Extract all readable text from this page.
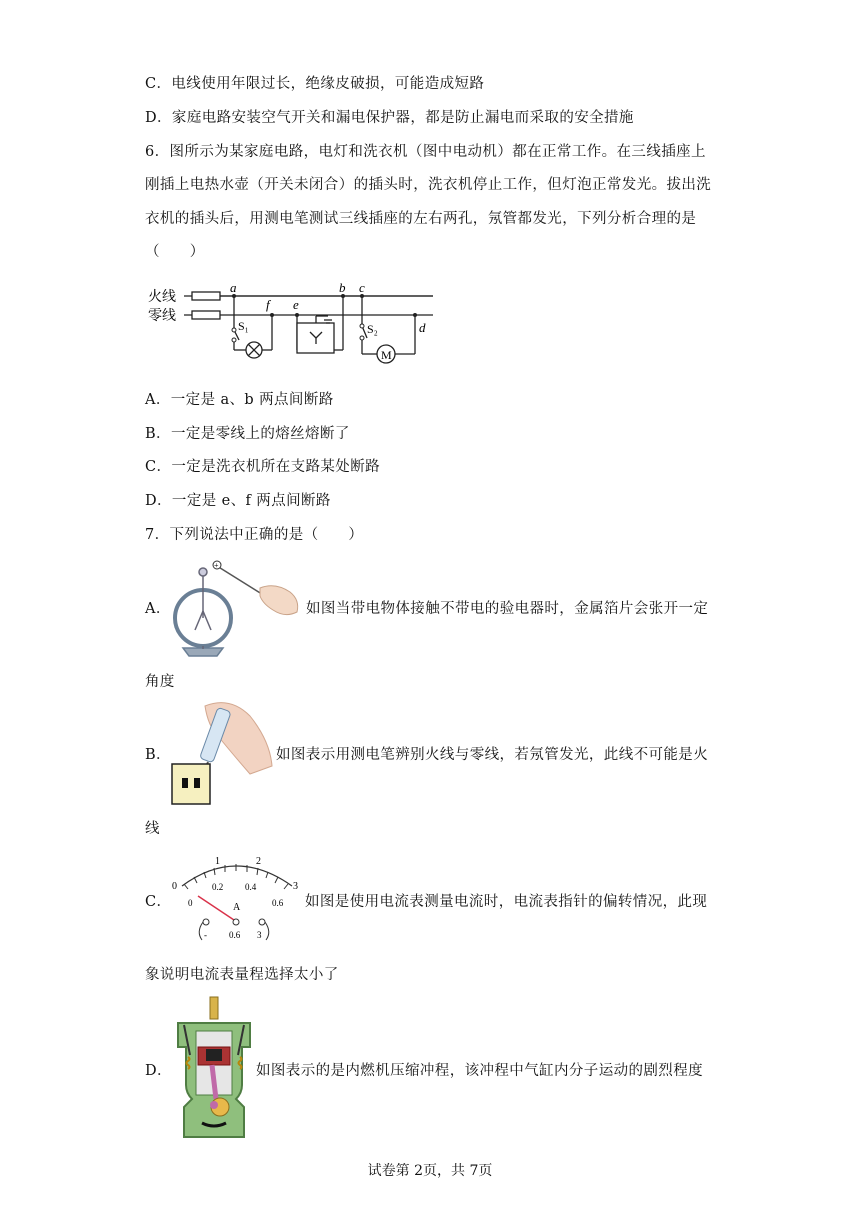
C．电线使用年限过长，绝缘皮破损，可能造成短路
D．家庭电路安装空气开关和漏电保护器，都是防止漏电而采取的安全措施
6．图所示为某家庭电路，电灯和洗衣机（图中电动机）都在正常工作。在三线插座上
刚插上电热水壶（开关未闭合）的插头时，洗衣机停止工作，但灯泡正常发光。拔出洗
衣机的插头后，用测电笔测试三线插座的左右两孔，氖管都发光，下列分析合理的是
（　　）
火线
零线
a
f e
b c
d
S₁	S₂
M
A．一定是 a、b 两点间断路
B．一定是零线上的熔丝熔断了
C．一定是洗衣机所在支路某处断路
D．一定是 e、f 两点间断路
7．下列说法中正确的是（　　）
A．
+
如图当带电物体接触不带电的验电器时，金属箔片会张开一定
角度
B．	如图表示用测电笔辨别火线与零线，若氖管发光，此线不可能是火
线
C．
0
1	2
3
0
0.2 0.4
0.6
A
- 0.6 3
如图是使用电流表测量电流时，电流表指针的偏转情况，此现
象说明电流表量程选择太小了
D．	如图表示的是内燃机压缩冲程，该冲程中气缸内分子运动的剧烈程度
试卷第 2页，共 7页
